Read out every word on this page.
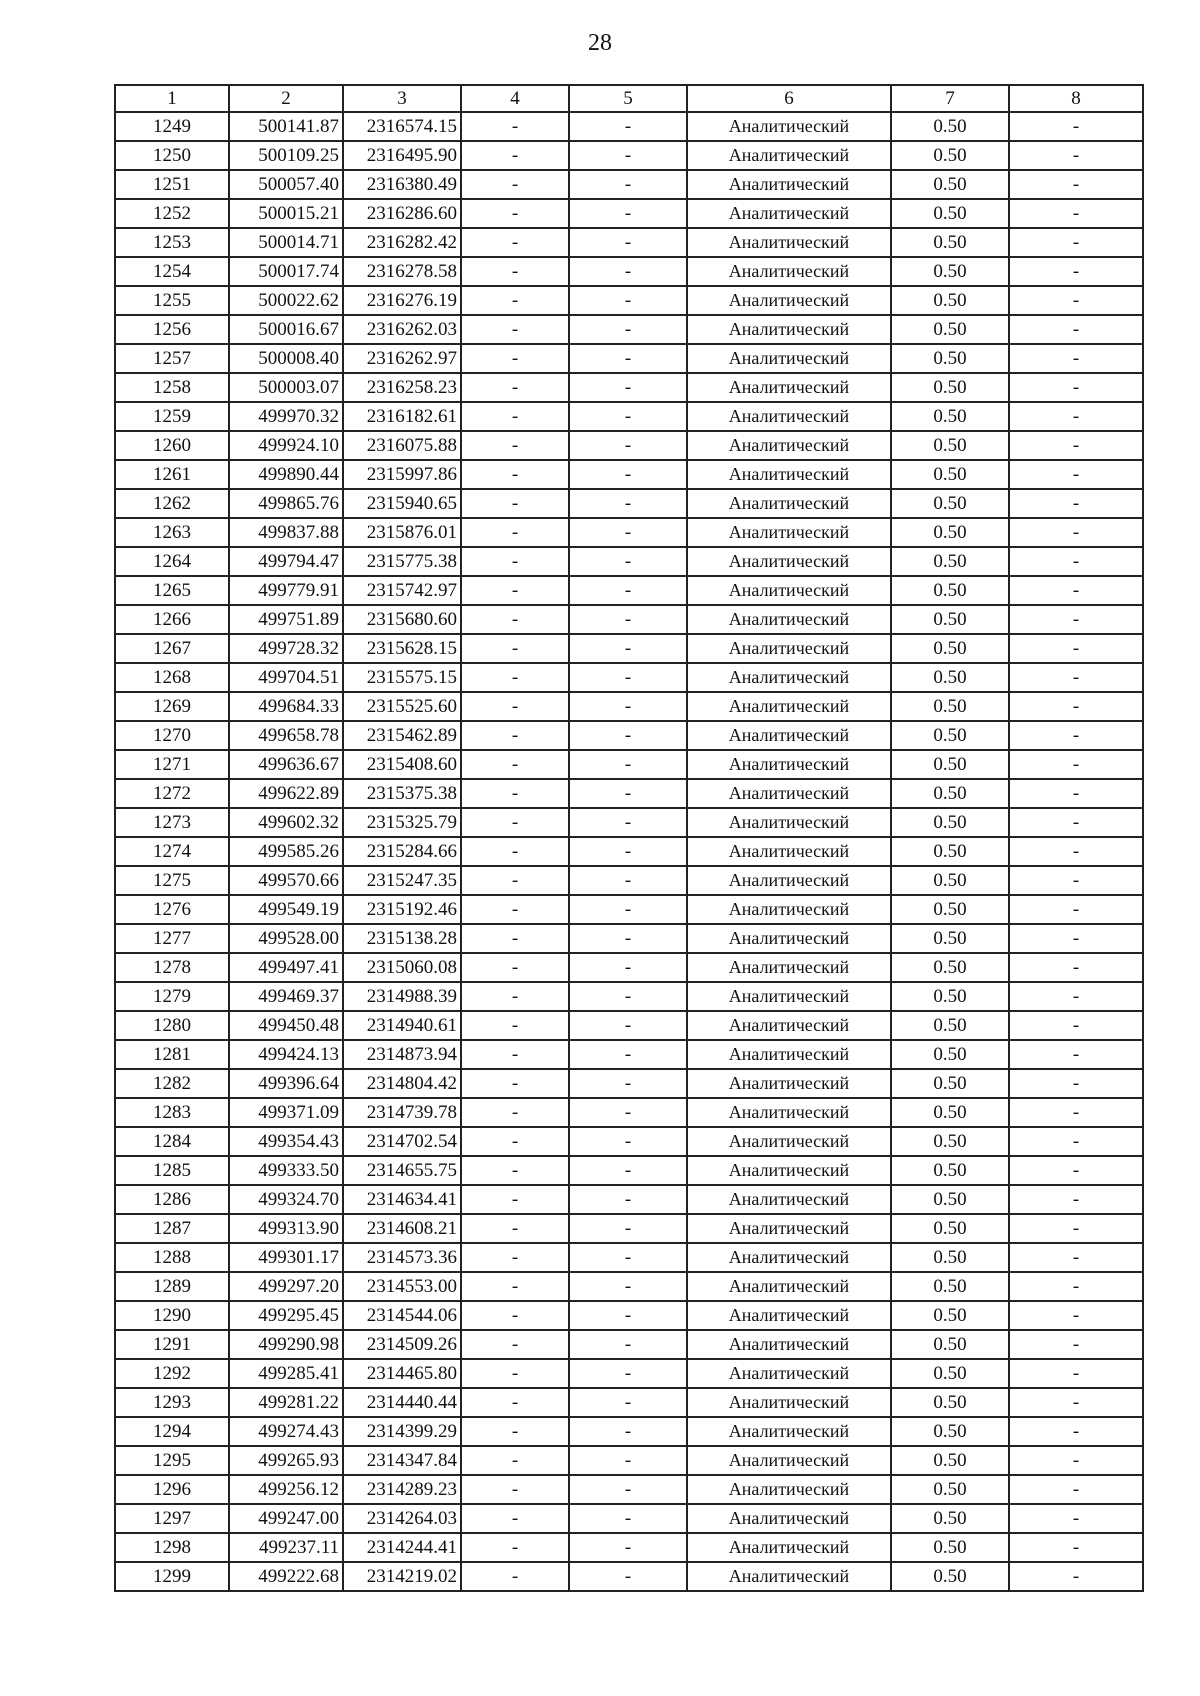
28
1	2	3	4	5	6	7	8
1249	500141.87	2316574.15	-	-	Аналитический	0.50	-
1250	500109.25	2316495.90	-	-	Аналитический	0.50	-
1251	500057.40	2316380.49	-	-	Аналитический	0.50	-
1252	500015.21	2316286.60	-	-	Аналитический	0.50	-
1253	500014.71	2316282.42	-	-	Аналитический	0.50	-
1254	500017.74	2316278.58	-	-	Аналитический	0.50	-
1255	500022.62	2316276.19	-	-	Аналитический	0.50	-
1256	500016.67	2316262.03	-	-	Аналитический	0.50	-
1257	500008.40	2316262.97	-	-	Аналитический	0.50	-
1258	500003.07	2316258.23	-	-	Аналитический	0.50	-
1259	499970.32	2316182.61	-	-	Аналитический	0.50	-
1260	499924.10	2316075.88	-	-	Аналитический	0.50	-
1261	499890.44	2315997.86	-	-	Аналитический	0.50	-
1262	499865.76	2315940.65	-	-	Аналитический	0.50	-
1263	499837.88	2315876.01	-	-	Аналитический	0.50	-
1264	499794.47	2315775.38	-	-	Аналитический	0.50	-
1265	499779.91	2315742.97	-	-	Аналитический	0.50	-
1266	499751.89	2315680.60	-	-	Аналитический	0.50	-
1267	499728.32	2315628.15	-	-	Аналитический	0.50	-
1268	499704.51	2315575.15	-	-	Аналитический	0.50	-
1269	499684.33	2315525.60	-	-	Аналитический	0.50	-
1270	499658.78	2315462.89	-	-	Аналитический	0.50	-
1271	499636.67	2315408.60	-	-	Аналитический	0.50	-
1272	499622.89	2315375.38	-	-	Аналитический	0.50	-
1273	499602.32	2315325.79	-	-	Аналитический	0.50	-
1274	499585.26	2315284.66	-	-	Аналитический	0.50	-
1275	499570.66	2315247.35	-	-	Аналитический	0.50	-
1276	499549.19	2315192.46	-	-	Аналитический	0.50	-
1277	499528.00	2315138.28	-	-	Аналитический	0.50	-
1278	499497.41	2315060.08	-	-	Аналитический	0.50	-
1279	499469.37	2314988.39	-	-	Аналитический	0.50	-
1280	499450.48	2314940.61	-	-	Аналитический	0.50	-
1281	499424.13	2314873.94	-	-	Аналитический	0.50	-
1282	499396.64	2314804.42	-	-	Аналитический	0.50	-
1283	499371.09	2314739.78	-	-	Аналитический	0.50	-
1284	499354.43	2314702.54	-	-	Аналитический	0.50	-
1285	499333.50	2314655.75	-	-	Аналитический	0.50	-
1286	499324.70	2314634.41	-	-	Аналитический	0.50	-
1287	499313.90	2314608.21	-	-	Аналитический	0.50	-
1288	499301.17	2314573.36	-	-	Аналитический	0.50	-
1289	499297.20	2314553.00	-	-	Аналитический	0.50	-
1290	499295.45	2314544.06	-	-	Аналитический	0.50	-
1291	499290.98	2314509.26	-	-	Аналитический	0.50	-
1292	499285.41	2314465.80	-	-	Аналитический	0.50	-
1293	499281.22	2314440.44	-	-	Аналитический	0.50	-
1294	499274.43	2314399.29	-	-	Аналитический	0.50	-
1295	499265.93	2314347.84	-	-	Аналитический	0.50	-
1296	499256.12	2314289.23	-	-	Аналитический	0.50	-
1297	499247.00	2314264.03	-	-	Аналитический	0.50	-
1298	499237.11	2314244.41	-	-	Аналитический	0.50	-
1299	499222.68	2314219.02	-	-	Аналитический	0.50	-
